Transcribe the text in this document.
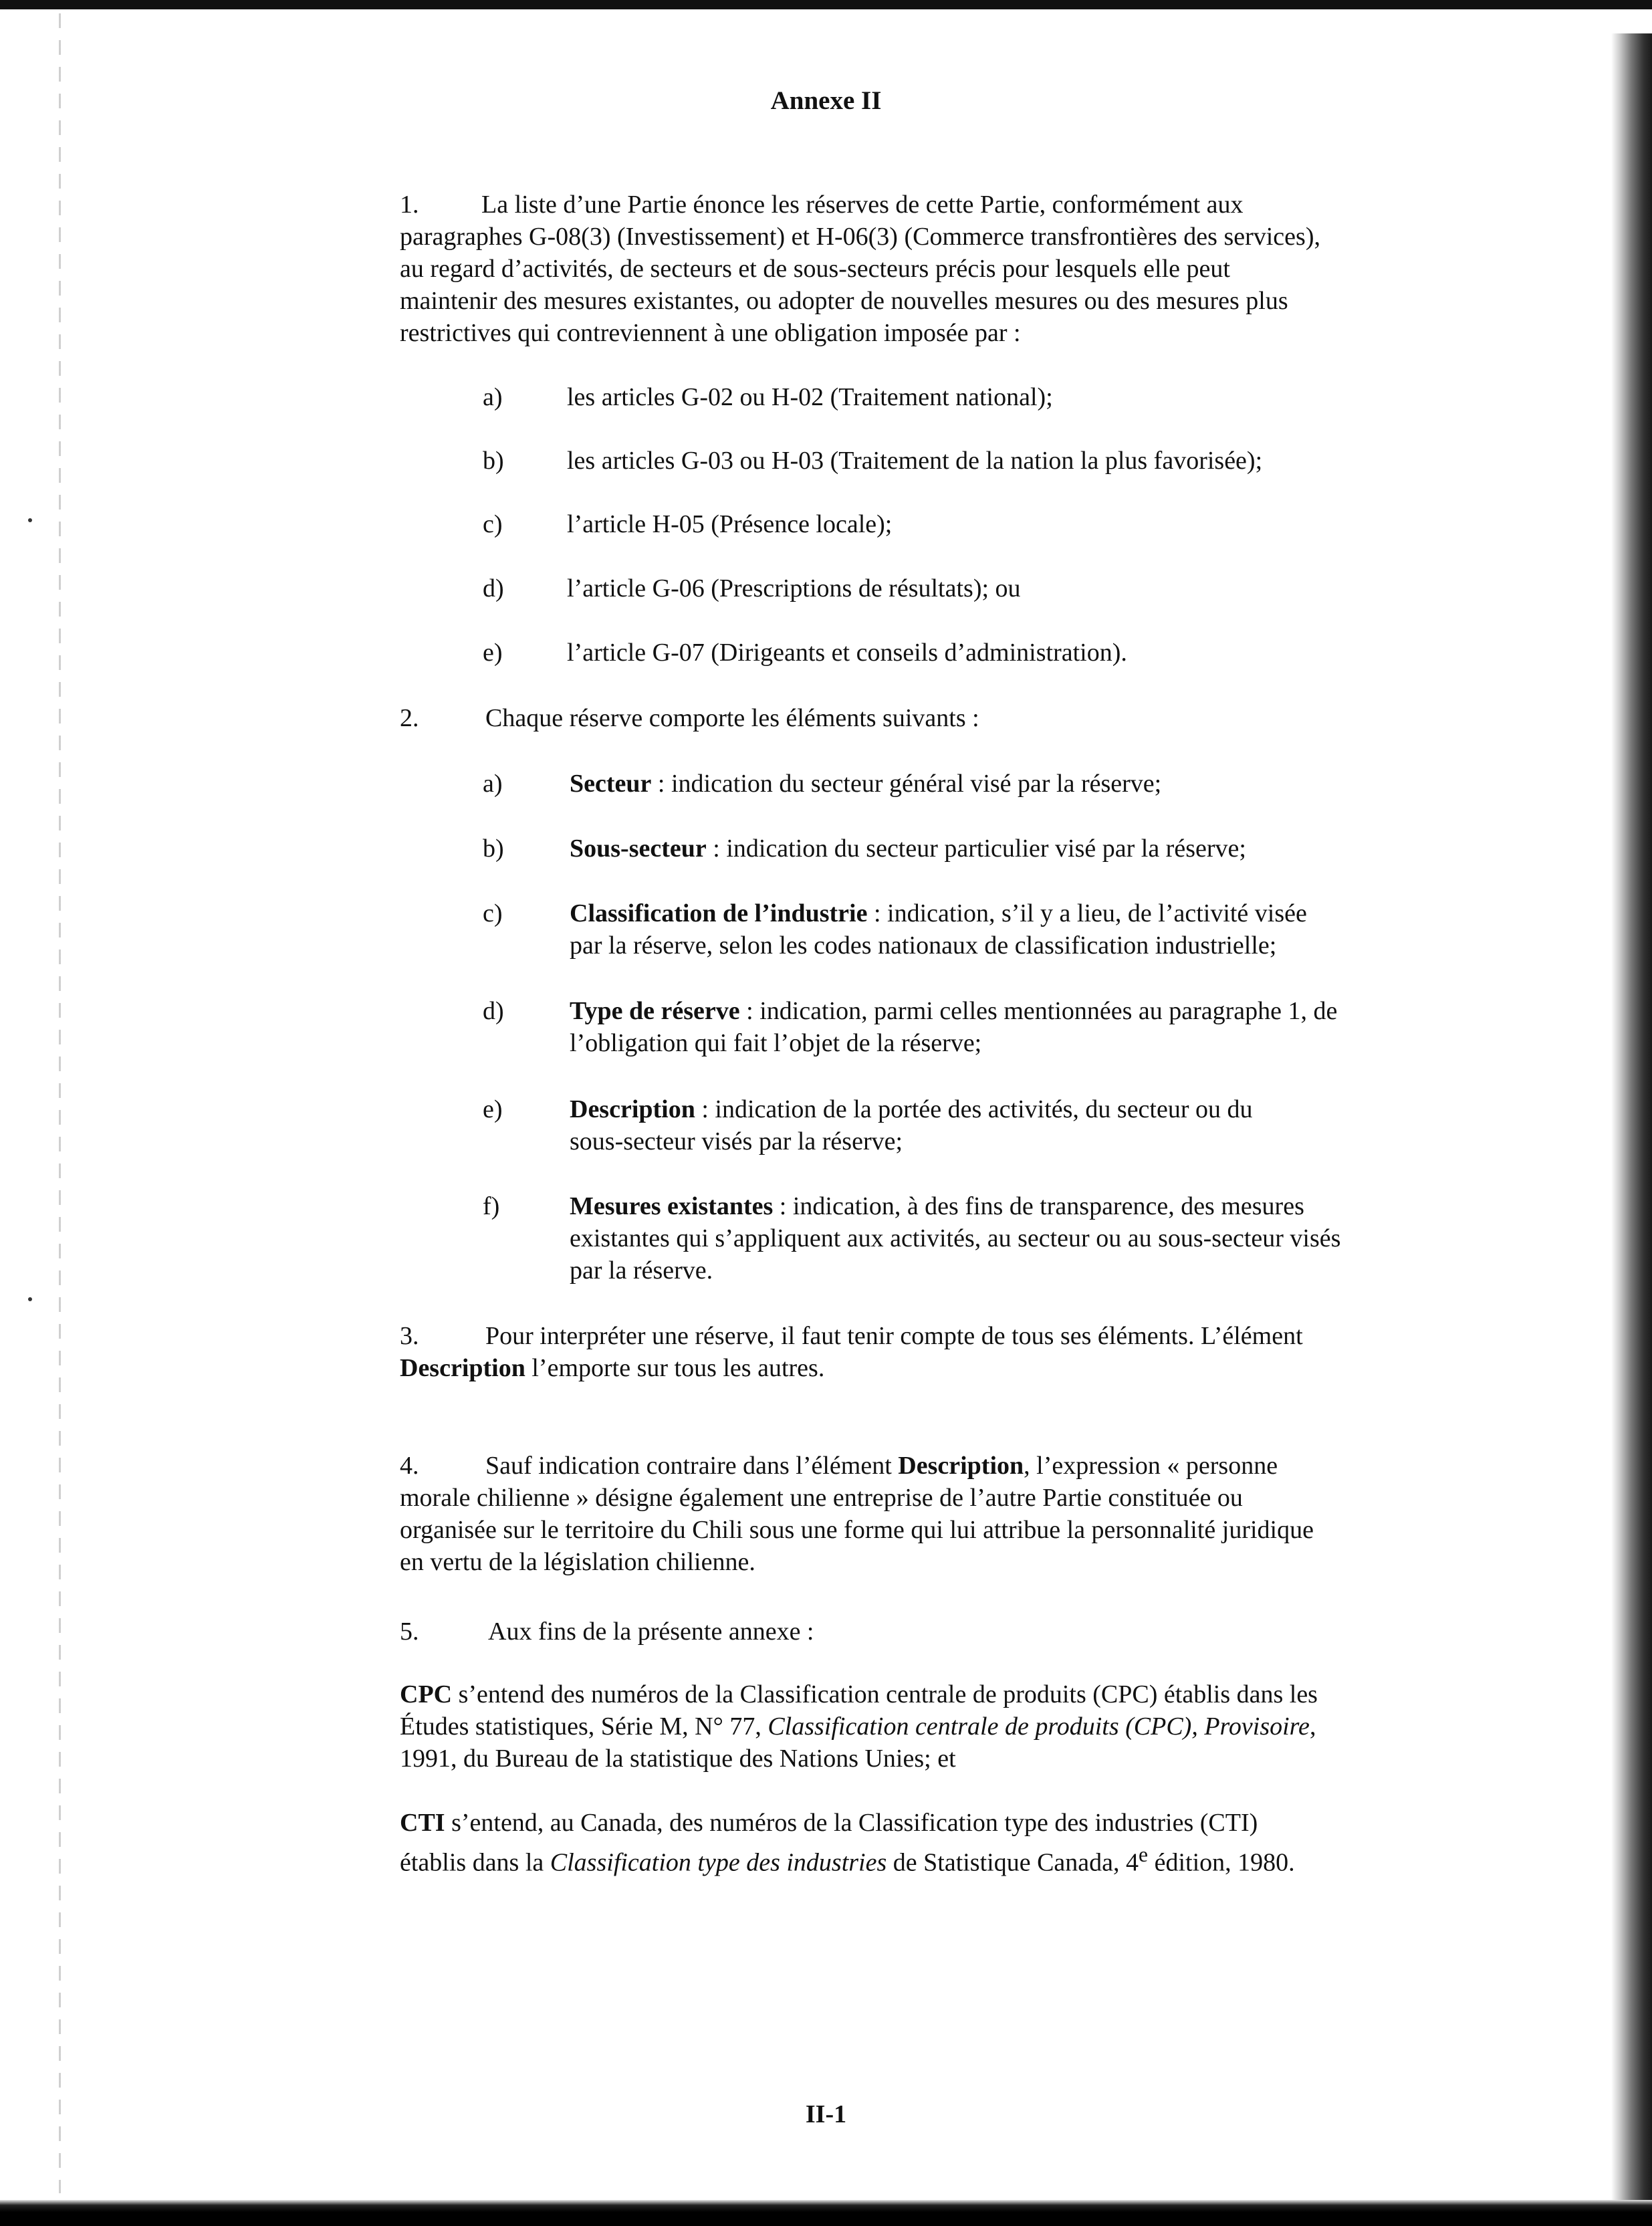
Annexe II
1. La liste d’une Partie énonce les réserves de cette Partie, conformément aux
paragraphes G-08(3) (Investissement) et H-06(3) (Commerce transfrontières des services),
au regard d’activités, de secteurs et de sous-secteurs précis pour lesquels elle peut
maintenir des mesures existantes, ou adopter de nouvelles mesures ou des mesures plus
restrictives qui contreviennent à une obligation imposée par :
a)	les articles G-02 ou H-02 (Traitement national);
b) les articles G-03 ou H-03 (Traitement de la nation la plus favorisée);
c)	l’article H-05 (Présence locale);
d) l’article G-06 (Prescriptions de résultats); ou
e)	l’article G-07 (Dirigeants et conseils d’administration).
2.	Chaque réserve comporte les éléments suivants :
a)	Secteur : indication du secteur général visé par la réserve;
b)	Sous-secteur : indication du secteur particulier visé par la réserve;
c)	Classification de l’industrie : indication, s’il y a lieu, de l’activité visée
par la réserve, selon les codes nationaux de classification industrielle;
d)	Type de réserve : indication, parmi celles mentionnées au paragraphe 1, de
l’obligation qui fait l’objet de la réserve;
e)	Description : indication de la portée des activités, du secteur ou du
sous-secteur visés par la réserve;
f)	Mesures existantes : indication, à des fins de transparence, des mesures
existantes qui s’appliquent aux activités, au secteur ou au sous-secteur visés
par la réserve.
3.	Pour interpréter une réserve, il faut tenir compte de tous ses éléments. L’élément
Description l’emporte sur tous les autres.
4.	Sauf indication contraire dans l’élément Description, l’expression « personne
morale chilienne » désigne également une entreprise de l’autre Partie constituée ou
organisée sur le territoire du Chili sous une forme qui lui attribue la personnalité juridique
en vertu de la législation chilienne.
5.	Aux fins de la présente annexe :
CPC s’entend des numéros de la Classification centrale de produits (CPC) établis dans les
Études statistiques, Série M, N° 77, Classification centrale de produits (CPC), Provisoire,
1991, du Bureau de la statistique des Nations Unies; et
CTI s’entend, au Canada, des numéros de la Classification type des industries (CTI)
établis dans la Classification type des industries de Statistique Canada, 4e édition, 1980.
II-1
